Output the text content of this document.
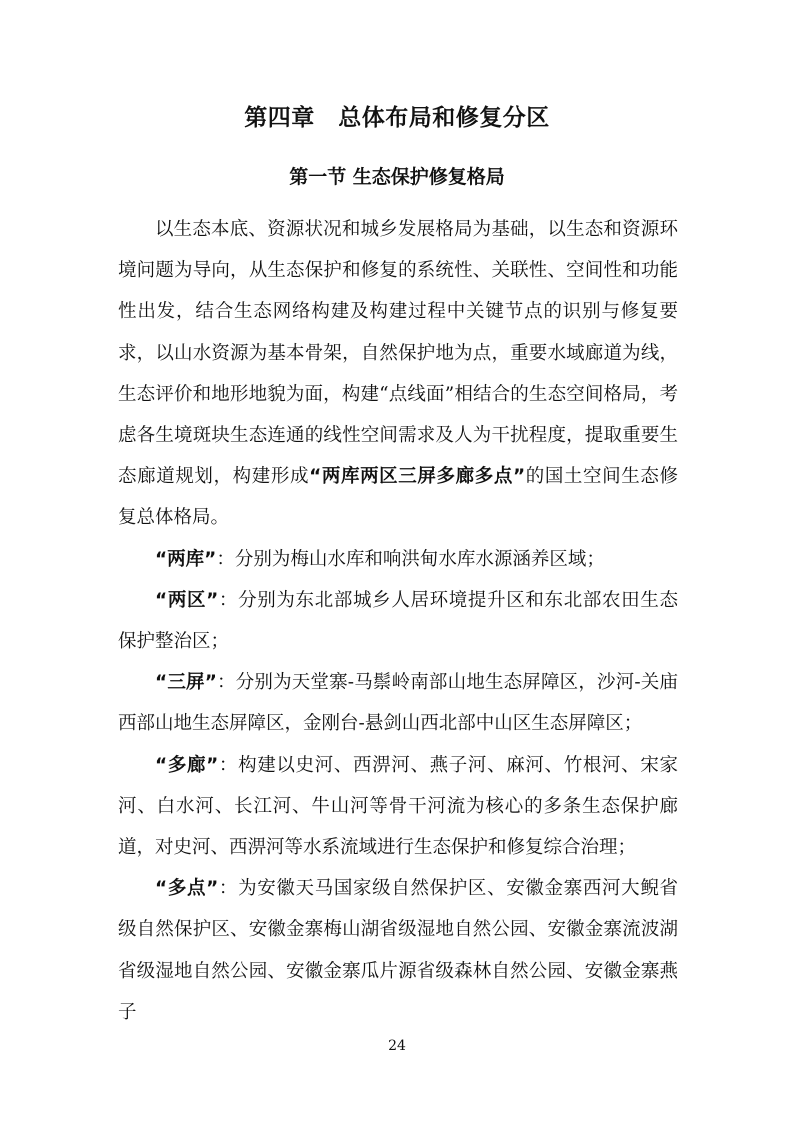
第四章　总体布局和修复分区
第一节 生态保护修复格局

以生态本底、资源状况和城乡发展格局为基础，以生态和资源环境问题为导向，从生态保护和修复的系统性、关联性、空间性和功能性出发，结合生态网络构建及构建过程中关键节点的识别与修复要求，以山水资源为基本骨架，自然保护地为点，重要水域廊道为线，生态评价和地形地貌为面，构建“点线面”相结合的生态空间格局，考虑各生境斑块生态连通的线性空间需求及人为干扰程度，提取重要生态廊道规划，构建形成“两库两区三屏多廊多点”的国土空间生态修复总体格局。

“两库”：分别为梅山水库和响洪甸水库水源涵养区域；

“两区”：分别为东北部城乡人居环境提升区和东北部农田生态保护整治区；

“三屏”：分别为天堂寨-马鬃岭南部山地生态屏障区，沙河-关庙西部山地生态屏障区，金刚台-悬剑山西北部中山区生态屏障区；

“多廊”：构建以史河、西淠河、燕子河、麻河、竹根河、宋家河、白水河、长江河、牛山河等骨干河流为核心的多条生态保护廊道，对史河、西淠河等水系流域进行生态保护和修复综合治理；

“多点”：为安徽天马国家级自然保护区、安徽金寨西河大鲵省级自然保护区、安徽金寨梅山湖省级湿地自然公园、安徽金寨流波湖省级湿地自然公园、安徽金寨瓜片源省级森林自然公园、安徽金寨燕子

24
